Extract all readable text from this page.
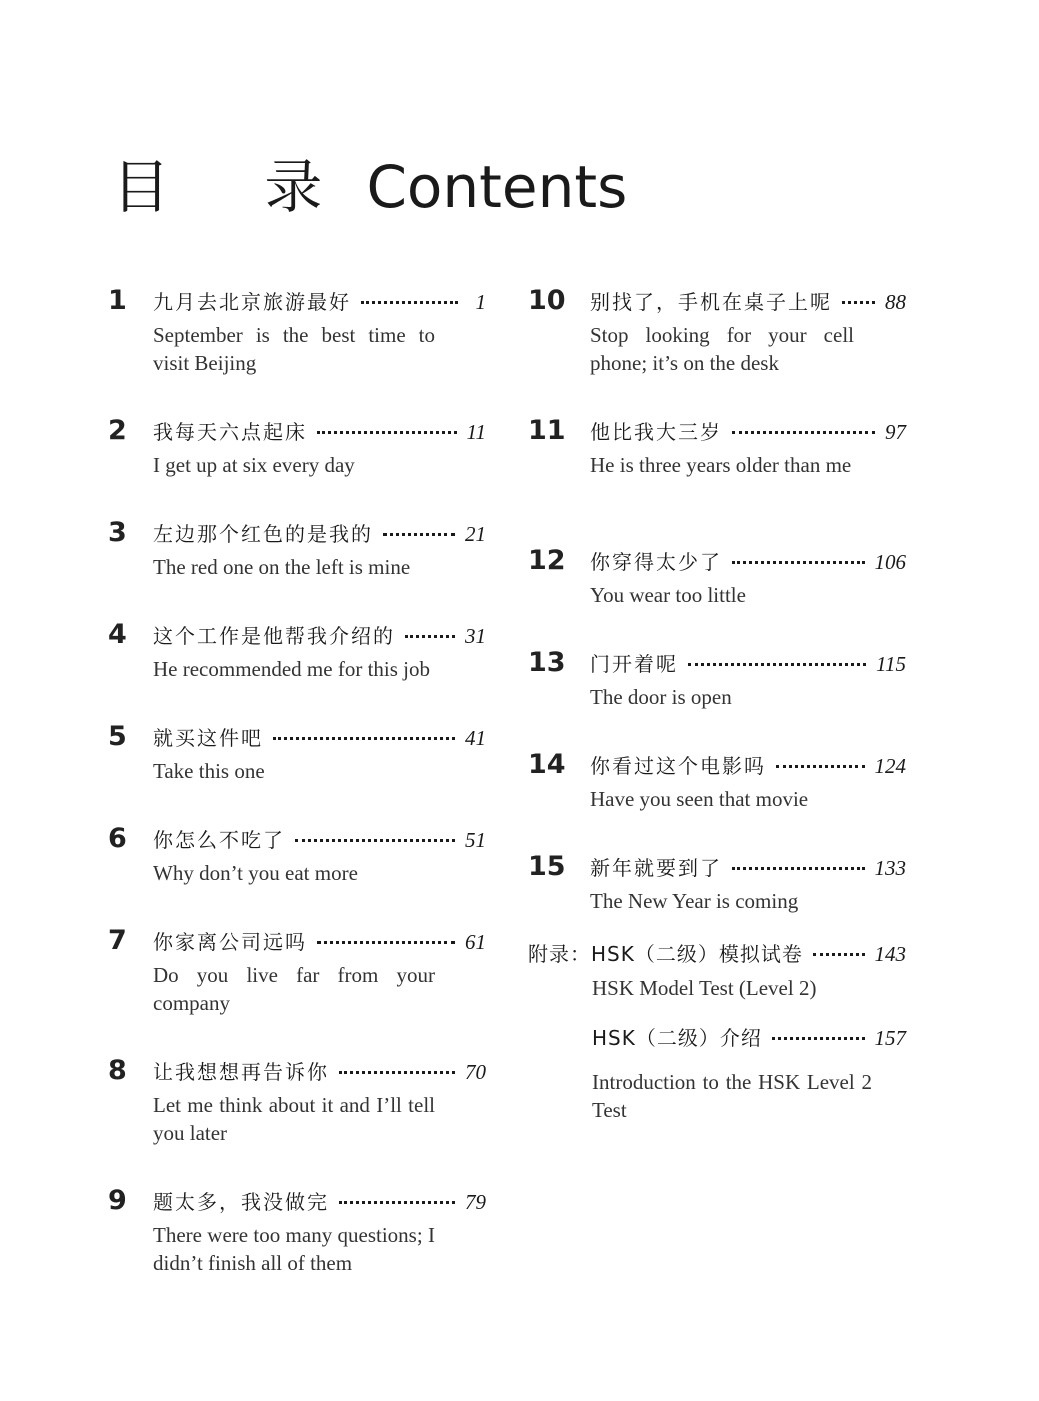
目 录 Contents
1	九月去北京旅游最好	1
September is the best time to visit Beijing
2	我每天六点起床	11
I get up at six every day
3	左边那个红色的是我的	21
The red one on the left is mine
4	这个工作是他帮我介绍的	31
He recommended me for this job
5	就买这件吧	41
Take this one
6	你怎么不吃了	51
Why don’t you eat more
7	你家离公司远吗	61
Do you live far from your company
8	让我想想再告诉你	70
Let me think about it and I’ll tell you later
9	题太多，我没做完	79
There were too many questions; I didn’t finish all of them
10	别找了，手机在桌子上呢	88
Stop looking for your cell phone; it’s on the desk
11	他比我大三岁	97
He is three years older than me
12	你穿得太少了	106
You wear too little
13	门开着呢	115
The door is open
14	你看过这个电影吗	124
Have you seen that movie
15	新年就要到了	133
The New Year is coming
附录： HSK（二级）模拟试卷	143
HSK Model Test (Level 2)
HSK（二级）介绍	157
Introduction to the HSK Level 2 Test
